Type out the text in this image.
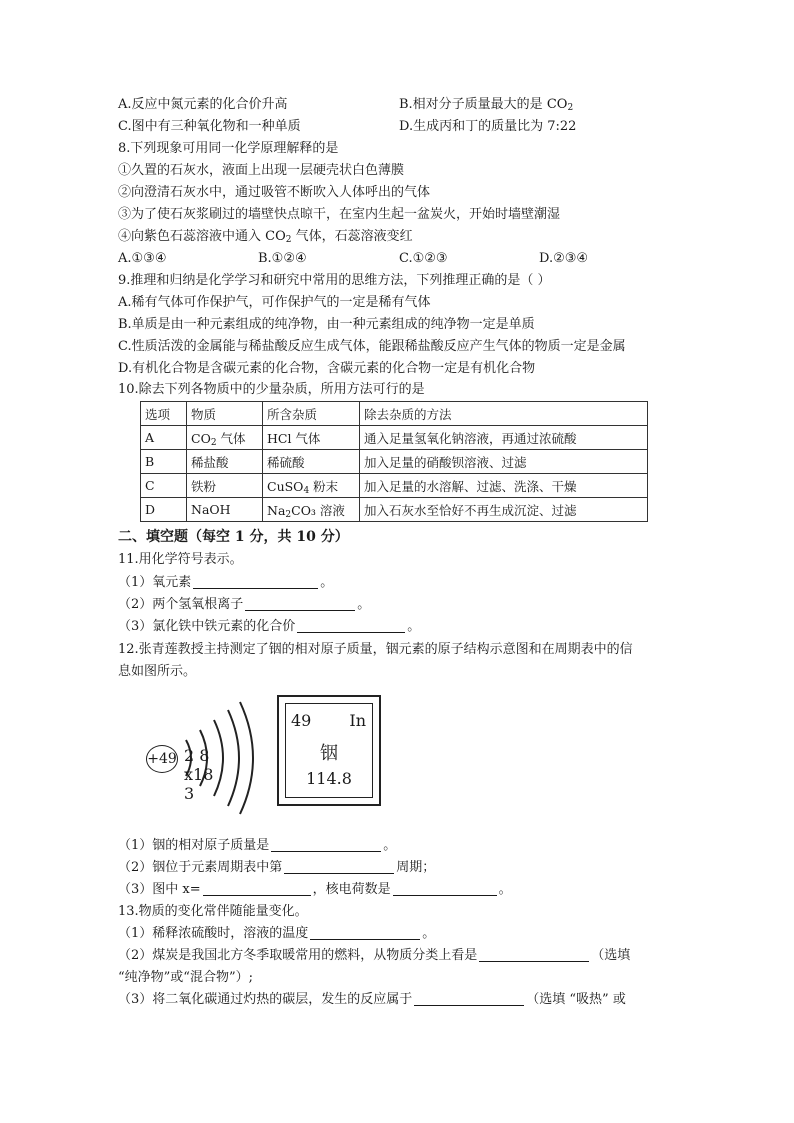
A.反应中氮元素的化合价升高	B.相对分子质量最大的是 $CO_2$
C.图中有三种氧化物和一种单质	D.生成丙和丁的质量比为 7:22
8.下列现象可用同一化学原理解释的是
①久置的石灰水，液面上出现一层硬壳状白色薄膜
②向澄清石灰水中，通过吸管不断吹入人体呼出的气体
③为了使石灰浆刷过的墙壁快点晾干，在室内生起一盆炭火，开始时墙壁潮湿
④向紫色石蕊溶液中通入 $CO_2$ 气体，石蕊溶液变红
A.①③④	B.①②④	C.①②③	D.②③④
9.推理和归纳是化学学习和研究中常用的思维方法，下列推理正确的是（ ）
A.稀有气体可作保护气，可作保护气的一定是稀有气体
B.单质是由一种元素组成的纯净物，由一种元素组成的纯净物一定是单质
C.性质活泼的金属能与稀盐酸反应生成气体，能跟稀盐酸反应产生气体的物质一定是金属
D.有机化合物是含碳元素的化合物，含碳元素的化合物一定是有机化合物
10.除去下列各物质中的少量杂质，所用方法可行的是
选项	物质	所含杂质	除去杂质的方法
A	$CO_2$ 气体	HCl 气体	通入足量氢氧化钠溶液，再通过浓硫酸
B	稀盐酸	稀硫酸	加入足量的硝酸钡溶液、过滤
C	铁粉	CuSO$_4$ 粉末	加入足量的水溶解、过滤、洗涤、干燥
D	NaOH	$Na_2CO_3$ 溶液	加入石灰水至恰好不再生成沉淀、过滤
二、填空题（每空 1 分，共 10 分）
11.用化学符号表示。
（1）氧元素	。
（2）两个氢氧根离子	。
（3）氯化铁中铁元素的化合价	。
12.张青莲教授主持测定了铟的相对原子质量，铟元素的原子结构示意图和在周期表中的信
息如图所示。
+49 2 8 x18 3
49 In
铟
114.8
（1）铟的相对原子质量是	。
（2）铟位于元素周期表中第	周期；
（3）图中 x=	，核电荷数是	。
13.物质的变化常伴随能量变化。
（1）稀释浓硫酸时，溶液的温度	。
（2）煤炭是我国北方冬季取暖常用的燃料，从物质分类上看是	（选填
“纯净物”或“混合物”）;
（3）将二氧化碳通过灼热的碳层，发生的反应属于	（选填 “吸热” 或
